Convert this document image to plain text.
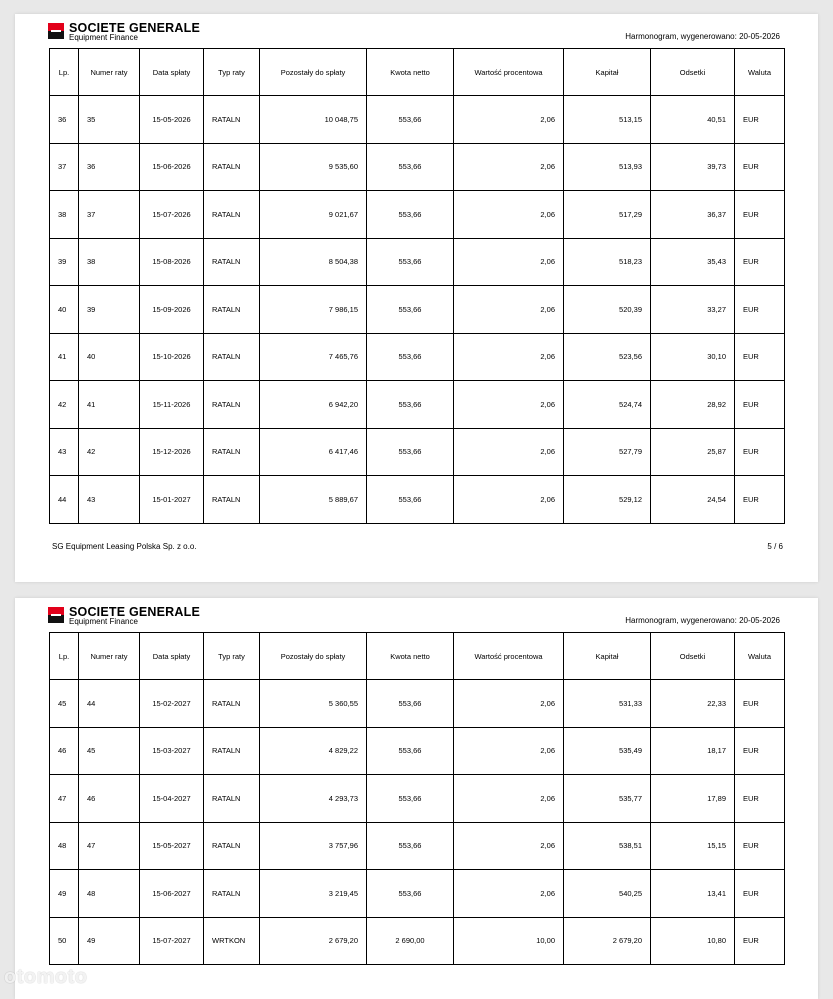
SOCIETE GENERALE
Equipment Finance	Harmonogram, wygenerowano: 20-05-2026
Lp.	Numer raty	Data spłaty	Typ raty	Pozostały do spłaty	Kwota netto	Wartość procentowa	Kapitał	Odsetki	Waluta
36	35	15-05-2026	RATALN	10 048,75	553,66	2,06	513,15	40,51	EUR
37	36	15-06-2026	RATALN	9 535,60	553,66	2,06	513,93	39,73	EUR
38	37	15-07-2026	RATALN	9 021,67	553,66	2,06	517,29	36,37	EUR
39	38	15-08-2026	RATALN	8 504,38	553,66	2,06	518,23	35,43	EUR
40	39	15-09-2026	RATALN	7 986,15	553,66	2,06	520,39	33,27	EUR
41	40	15-10-2026	RATALN	7 465,76	553,66	2,06	523,56	30,10	EUR
42	41	15-11-2026	RATALN	6 942,20	553,66	2,06	524,74	28,92	EUR
43	42	15-12-2026	RATALN	6 417,46	553,66	2,06	527,79	25,87	EUR
44	43	15-01-2027	RATALN	5 889,67	553,66	2,06	529,12	24,54	EUR
SG Equipment Leasing Polska Sp. z o.o.	5 / 6
SOCIETE GENERALE
Equipment Finance	Harmonogram, wygenerowano: 20-05-2026
Lp.	Numer raty	Data spłaty	Typ raty	Pozostały do spłaty	Kwota netto	Wartość procentowa	Kapitał	Odsetki	Waluta
45	44	15-02-2027	RATALN	5 360,55	553,66	2,06	531,33	22,33	EUR
46	45	15-03-2027	RATALN	4 829,22	553,66	2,06	535,49	18,17	EUR
47	46	15-04-2027	RATALN	4 293,73	553,66	2,06	535,77	17,89	EUR
48	47	15-05-2027	RATALN	3 757,96	553,66	2,06	538,51	15,15	EUR
49	48	15-06-2027	RATALN	3 219,45	553,66	2,06	540,25	13,41	EUR
50	49	15-07-2027	WRTKON	2 679,20	2 690,00	10,00	2 679,20	10,80	EUR
otomoto
